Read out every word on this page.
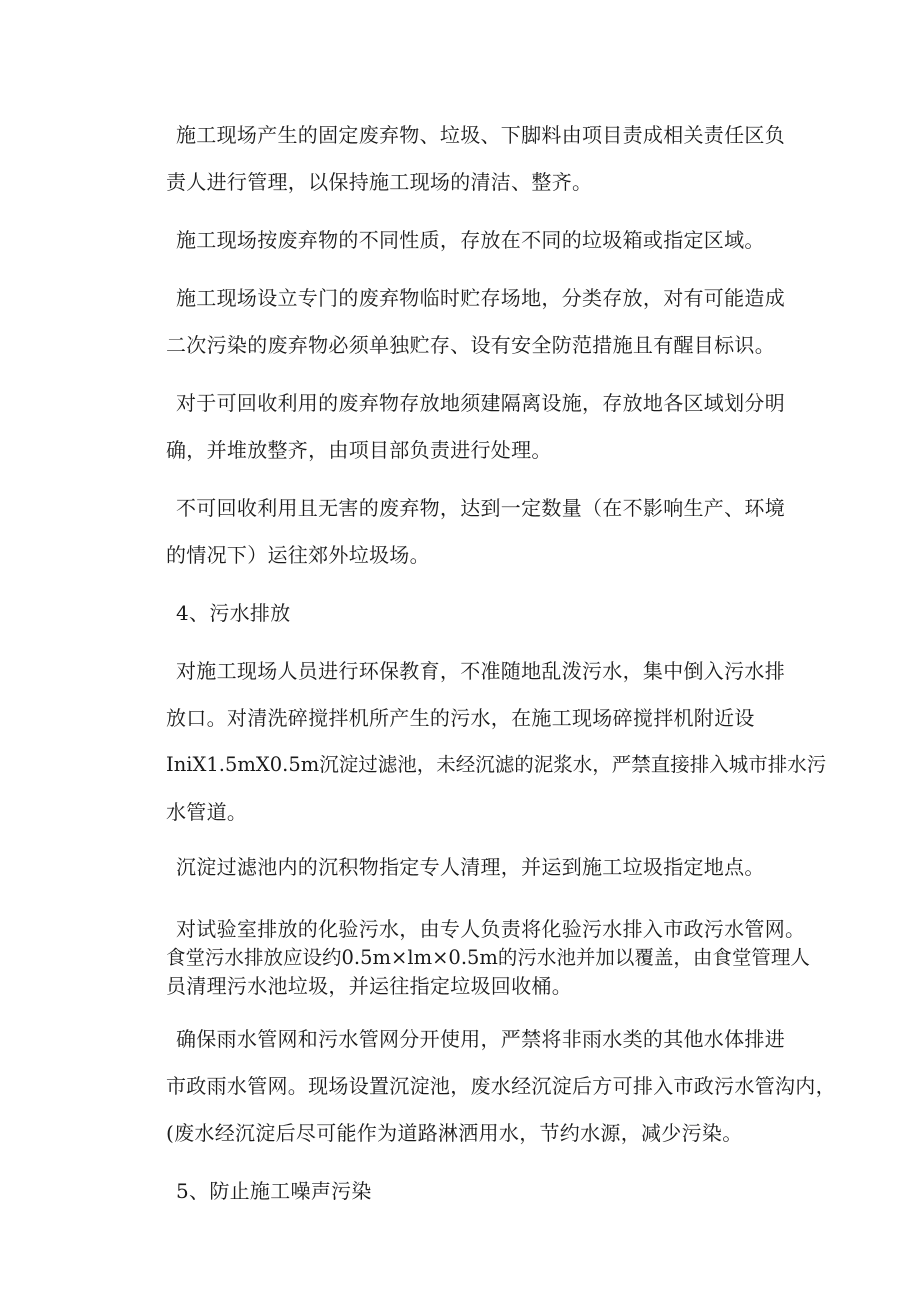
施工现场产生的固定废弃物、垃圾、下脚料由项目责成相关责任区负

责人进行管理，以保持施工现场的清洁、整齐。

施工现场按废弃物的不同性质，存放在不同的垃圾箱或指定区域。

施工现场设立专门的废弃物临时贮存场地，分类存放，对有可能造成

二次污染的废弃物必须单独贮存、设有安全防范措施且有醒目标识。

对于可回收利用的废弃物存放地须建隔离设施，存放地各区域划分明

确，并堆放整齐，由项目部负责进行处理。

不可回收利用且无害的废弃物，达到一定数量（在不影响生产、环境

的情况下）运往郊外垃圾场。

4、污水排放

对施工现场人员进行环保教育，不准随地乱泼污水，集中倒入污水排

放口。对清洗碎搅拌机所产生的污水，在施工现场碎搅拌机附近设

IniX1.5mX0.5m沉淀过滤池，未经沉滤的泥浆水，严禁直接排入城市排水污

水管道。

沉淀过滤池内的沉积物指定专人清理，并运到施工垃圾指定地点。

对试验室排放的化验污水，由专人负责将化验污水排入市政污水管网。

食堂污水排放应设约0.5m×lm×0.5m的污水池并加以覆盖，由食堂管理人

员清理污水池垃圾，并运往指定垃圾回收桶。

确保雨水管网和污水管网分开使用，严禁将非雨水类的其他水体排进

市政雨水管网。现场设置沉淀池，废水经沉淀后方可排入市政污水管沟内，

(废水经沉淀后尽可能作为道路淋洒用水，节约水源，减少污染。

5、防止施工噪声污染
